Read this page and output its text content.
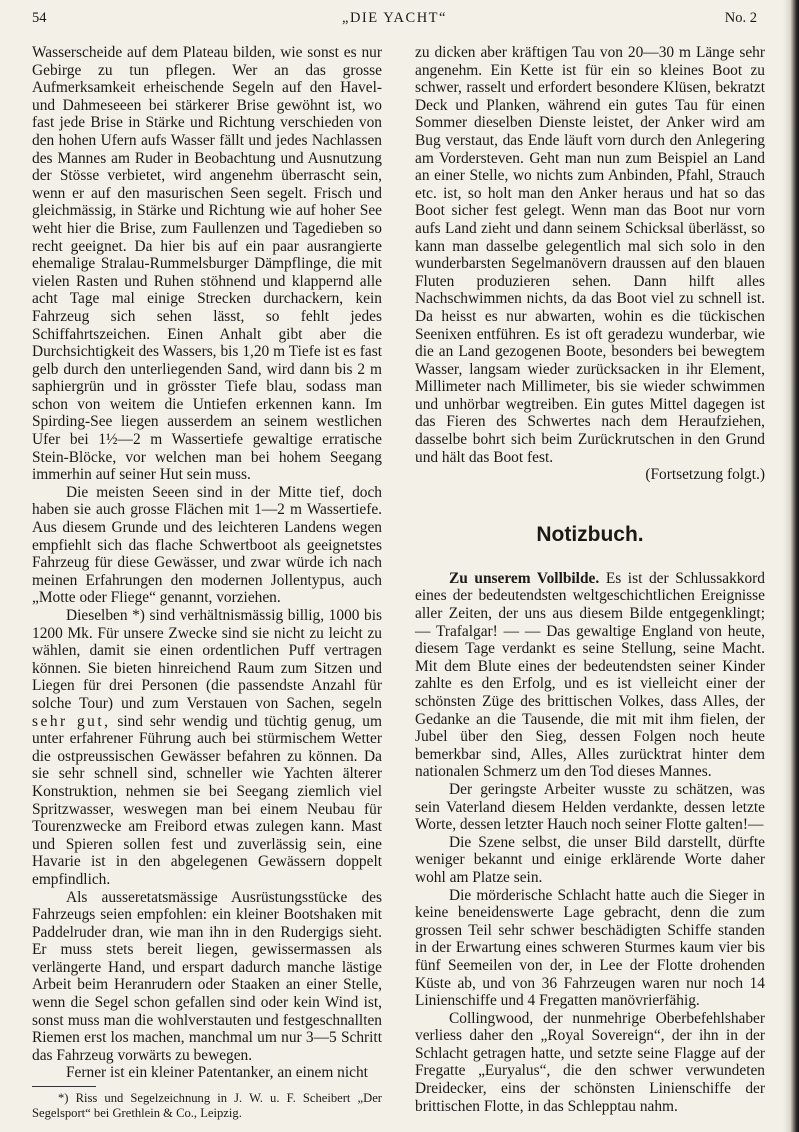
54	„DIE YACHT“	No. 2

Wasserscheide auf dem Plateau bilden, wie sonst es nur Gebirge zu tun pflegen. Wer an das grosse Aufmerksamkeit erheischende Segeln auf den Havel- und Dahmeseeen bei stärkerer Brise gewöhnt ist, wo fast jede Brise in Stärke und Richtung verschieden von den hohen Ufern aufs Wasser fällt und jedes Nachlassen des Mannes am Ruder in Beobachtung und Ausnutzung der Stösse verbietet, wird angenehm überrascht sein, wenn er auf den masurischen Seen segelt. Frisch und gleichmässig, in Stärke und Richtung wie auf hoher See weht hier die Brise, zum Faullenzen und Tagedieben so recht geeignet. Da hier bis auf ein paar ausrangierte ehemalige Stralau-Rummelsburger Dämpflinge, die mit vielen Rasten und Ruhen stöhnend und klappernd alle acht Tage mal einige Strecken durchackern, kein Fahrzeug sich sehen lässt, so fehlt jedes Schiffahrtszeichen. Einen Anhalt gibt aber die Durchsichtigkeit des Wassers, bis 1,20 m Tiefe ist es fast gelb durch den unterliegenden Sand, wird dann bis 2 m saphiergrün und in grösster Tiefe blau, sodass man schon von weitem die Untiefen erkennen kann. Im Spirding-See liegen ausserdem an seinem westlichen Ufer bei 1½—2 m Wassertiefe gewaltige erratische Stein-Blöcke, vor welchen man bei hohem Seegang immerhin auf seiner Hut sein muss.

Die meisten Seeen sind in der Mitte tief, doch haben sie auch grosse Flächen mit 1—2 m Wassertiefe. Aus diesem Grunde und des leichteren Landens wegen empfiehlt sich das flache Schwertboot als geeignetstes Fahrzeug für diese Gewässer, und zwar würde ich nach meinen Erfahrungen den modernen Jollentypus, auch „Motte oder Fliege“ genannt, vorziehen.

Dieselben *) sind verhältnismässig billig, 1000 bis 1200 Mk. Für unsere Zwecke sind sie nicht zu leicht zu wählen, damit sie einen ordentlichen Puff vertragen können. Sie bieten hinreichend Raum zum Sitzen und Liegen für drei Personen (die passendste Anzahl für solche Tour) und zum Verstauen von Sachen, segeln sehr gut, sind sehr wendig und tüchtig genug, um unter erfahrener Führung auch bei stürmischem Wetter die ostpreussischen Gewässer befahren zu können. Da sie sehr schnell sind, schneller wie Yachten älterer Konstruktion, nehmen sie bei Seegang ziemlich viel Spritzwasser, weswegen man bei einem Neubau für Tourenzwecke am Freibord etwas zulegen kann. Mast und Spieren sollen fest und zuverlässig sein, eine Havarie ist in den abgelegenen Gewässern doppelt empfindlich.

Als ausseretatsmässige Ausrüstungsstücke des Fahrzeugs seien empfohlen: ein kleiner Bootshaken mit Paddelruder dran, wie man ihn in den Rudergigs sieht. Er muss stets bereit liegen, gewissermassen als verlängerte Hand, und erspart dadurch manche lästige Arbeit beim Heranrudern oder Staaken an einer Stelle, wenn die Segel schon gefallen sind oder kein Wind ist, sonst muss man die wohlverstauten und festgeschnallten Riemen erst los machen, manchmal um nur 3—5 Schritt das Fahrzeug vorwärts zu bewegen.

Ferner ist ein kleiner Patentanker, an einem nicht

*) Riss und Segelzeichnung in J. W. u. F. Scheibert „Der Segelsport“ bei Grethlein & Co., Leipzig.

zu dicken aber kräftigen Tau von 20—30 m Länge sehr angenehm. Ein Kette ist für ein so kleines Boot zu schwer, rasselt und erfordert besondere Klüsen, bekratzt Deck und Planken, während ein gutes Tau für einen Sommer dieselben Dienste leistet, der Anker wird am Bug verstaut, das Ende läuft vorn durch den Anlegering am Vordersteven. Geht man nun zum Beispiel an Land an einer Stelle, wo nichts zum Anbinden, Pfahl, Strauch etc. ist, so holt man den Anker heraus und hat so das Boot sicher fest gelegt. Wenn man das Boot nur vorn aufs Land zieht und dann seinem Schicksal überlässt, so kann man dasselbe gelegentlich mal sich solo in den wunderbarsten Segelmanövern draussen auf den blauen Fluten produzieren sehen. Dann hilft alles Nachschwimmen nichts, da das Boot viel zu schnell ist. Da heisst es nur abwarten, wohin es die tückischen Seenixen entführen. Es ist oft geradezu wunderbar, wie die an Land gezogenen Boote, besonders bei bewegtem Wasser, langsam wieder zurücksacken in ihr Element, Millimeter nach Millimeter, bis sie wieder schwimmen und unhörbar wegtreiben. Ein gutes Mittel dagegen ist das Fieren des Schwertes nach dem Heraufziehen, dasselbe bohrt sich beim Zurückrutschen in den Grund und hält das Boot fest.

(Fortsetzung folgt.)
Notizbuch.

Zu unserem Vollbilde. Es ist der Schlussakkord eines der bedeutendsten weltgeschichtlichen Ereignisse aller Zeiten, der uns aus diesem Bilde entgegenklingt; — Trafalgar! — — Das gewaltige England von heute, diesem Tage verdankt es seine Stellung, seine Macht. Mit dem Blute eines der bedeutendsten seiner Kinder zahlte es den Erfolg, und es ist vielleicht einer der schönsten Züge des brittischen Volkes, dass Alles, der Gedanke an die Tausende, die mit mit ihm fielen, der Jubel über den Sieg, dessen Folgen noch heute bemerkbar sind, Alles, Alles zurücktrat hinter dem nationalen Schmerz um den Tod dieses Mannes.

Der geringste Arbeiter wusste zu schätzen, was sein Vaterland diesem Helden verdankte, dessen letzte Worte, dessen letzter Hauch noch seiner Flotte galten!—

Die Szene selbst, die unser Bild darstellt, dürfte weniger bekannt und einige erklärende Worte daher wohl am Platze sein.

Die mörderische Schlacht hatte auch die Sieger in keine beneidenswerte Lage gebracht, denn die zum grossen Teil sehr schwer beschädigten Schiffe standen in der Erwartung eines schweren Sturmes kaum vier bis fünf Seemeilen von der, in Lee der Flotte drohenden Küste ab, und von 36 Fahrzeugen waren nur noch 14 Linienschiffe und 4 Fregatten manövrierfähig.

Collingwood, der nunmehrige Oberbefehlshaber verliess daher den „Royal Sovereign“, der ihn in der Schlacht getragen hatte, und setzte seine Flagge auf der Fregatte „Euryalus“, die den schwer verwundeten Dreidecker, eins der schönsten Linienschiffe der brittischen Flotte, in das Schlepptau nahm.
